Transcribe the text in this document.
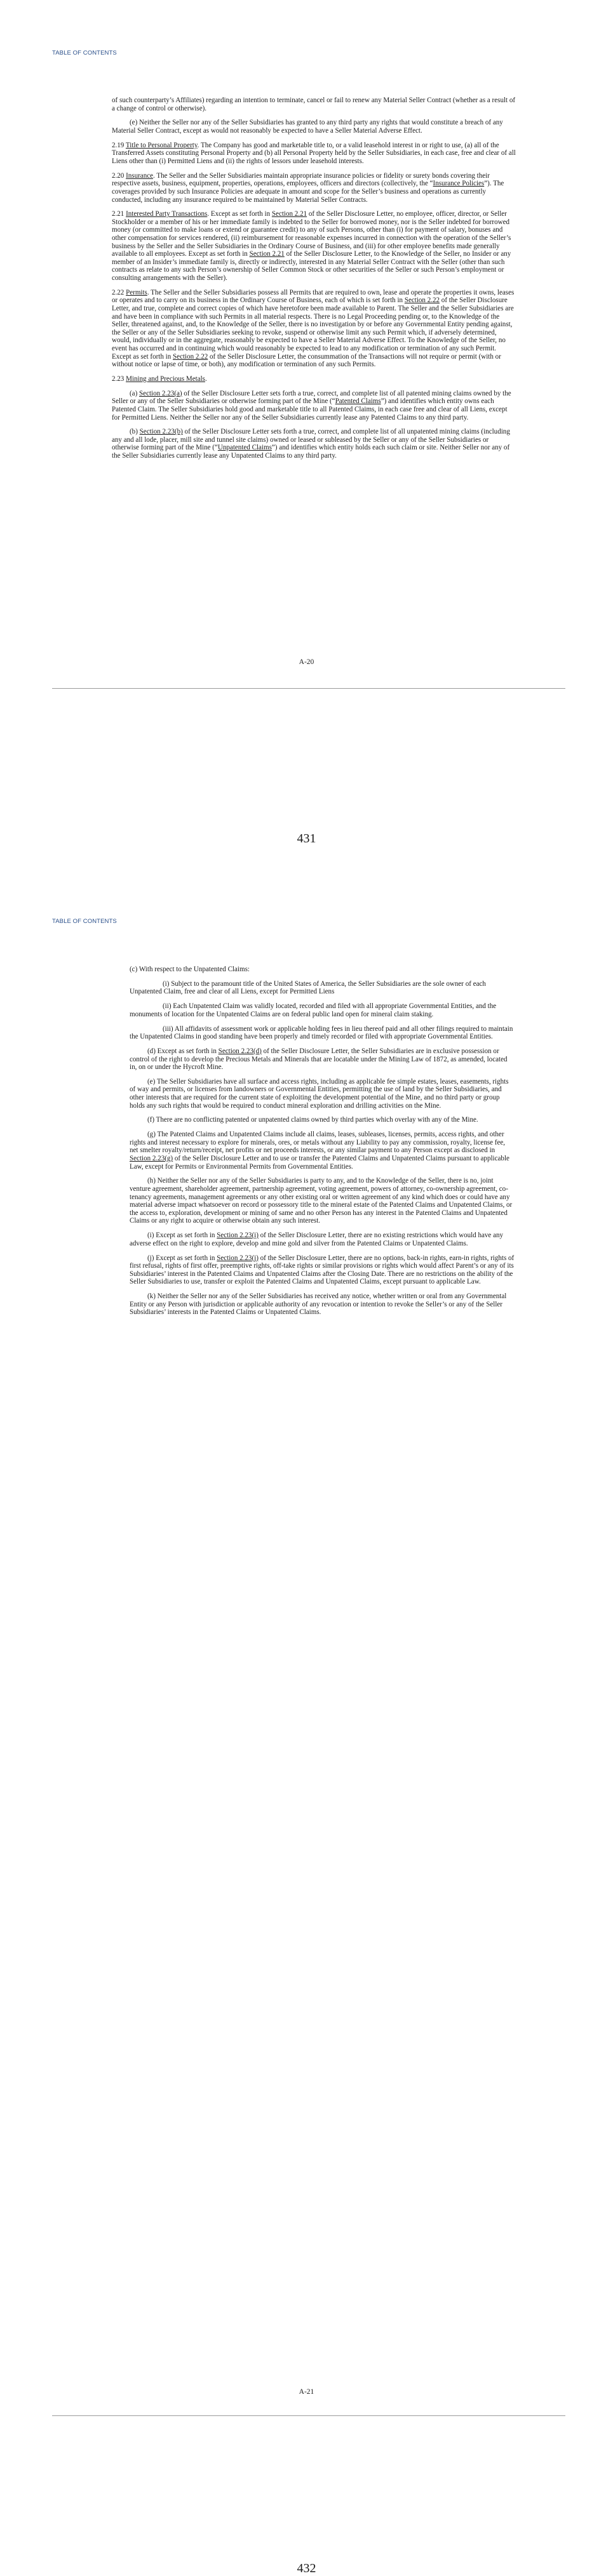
TABLE OF CONTENTS

of such counterparty’s Affiliates) regarding an intention to terminate, cancel or fail to renew any Material Seller Contract (whether as a result of a change of control or otherwise).

(e) Neither the Seller nor any of the Seller Subsidiaries has granted to any third party any rights that would constitute a breach of any Material Seller Contract, except as would not reasonably be expected to have a Seller Material Adverse Effect.

2.19 Title to Personal Property. The Company has good and marketable title to, or a valid leasehold interest in or right to use, (a) all of the Transferred Assets constituting Personal Property and (b) all Personal Property held by the Seller Subsidiaries, in each case, free and clear of all Liens other than (i) Permitted Liens and (ii) the rights of lessors under leasehold interests.

2.20 Insurance. The Seller and the Seller Subsidiaries maintain appropriate insurance policies or fidelity or surety bonds covering their respective assets, business, equipment, properties, operations, employees, officers and directors (collectively, the “Insurance Policies”). The coverages provided by such Insurance Policies are adequate in amount and scope for the Seller’s business and operations as currently conducted, including any insurance required to be maintained by Material Seller Contracts.

2.21 Interested Party Transactions. Except as set forth in Section 2.21 of the Seller Disclosure Letter, no employee, officer, director, or Seller Stockholder or a member of his or her immediate family is indebted to the Seller for borrowed money, nor is the Seller indebted for borrowed money (or committed to make loans or extend or guarantee credit) to any of such Persons, other than (i) for payment of salary, bonuses and other compensation for services rendered, (ii) reimbursement for reasonable expenses incurred in connection with the operation of the Seller’s business by the Seller and the Seller Subsidiaries in the Ordinary Course of Business, and (iii) for other employee benefits made generally available to all employees. Except as set forth in Section 2.21 of the Seller Disclosure Letter, to the Knowledge of the Seller, no Insider or any member of an Insider’s immediate family is, directly or indirectly, interested in any Material Seller Contract with the Seller (other than such contracts as relate to any such Person’s ownership of Seller Common Stock or other securities of the Seller or such Person’s employment or consulting arrangements with the Seller).

2.22 Permits. The Seller and the Seller Subsidiaries possess all Permits that are required to own, lease and operate the properties it owns, leases or operates and to carry on its business in the Ordinary Course of Business, each of which is set forth in Section 2.22 of the Seller Disclosure Letter, and true, complete and correct copies of which have heretofore been made available to Parent. The Seller and the Seller Subsidiaries are and have been in compliance with such Permits in all material respects. There is no Legal Proceeding pending or, to the Knowledge of the Seller, threatened against, and, to the Knowledge of the Seller, there is no investigation by or before any Governmental Entity pending against, the Seller or any of the Seller Subsidiaries seeking to revoke, suspend or otherwise limit any such Permit which, if adversely determined, would, individually or in the aggregate, reasonably be expected to have a Seller Material Adverse Effect. To the Knowledge of the Seller, no event has occurred and in continuing which would reasonably be expected to lead to any modification or termination of any such Permit. Except as set forth in Section 2.22 of the Seller Disclosure Letter, the consummation of the Transactions will not require or permit (with or without notice or lapse of time, or both), any modification or termination of any such Permits.

2.23 Mining and Precious Metals.

(a) Section 2.23(a) of the Seller Disclosure Letter sets forth a true, correct, and complete list of all patented mining claims owned by the Seller or any of the Seller Subsidiaries or otherwise forming part of the Mine (“Patented Claims”) and identifies which entity owns each Patented Claim. The Seller Subsidiaries hold good and marketable title to all Patented Claims, in each case free and clear of all Liens, except for Permitted Liens. Neither the Seller nor any of the Seller Subsidiaries currently lease any Patented Claims to any third party.

(b) Section 2.23(b) of the Seller Disclosure Letter sets forth a true, correct, and complete list of all unpatented mining claims (including any and all lode, placer, mill site and tunnel site claims) owned or leased or subleased by the Seller or any of the Seller Subsidiaries or otherwise forming part of the Mine (“Unpatented Claims”) and identifies which entity holds each such claim or site. Neither Seller nor any of the Seller Subsidiaries currently lease any Unpatented Claims to any third party.

A-20
431
TABLE OF CONTENTS

(c) With respect to the Unpatented Claims:

(i) Subject to the paramount title of the United States of America, the Seller Subsidiaries are the sole owner of each Unpatented Claim, free and clear of all Liens, except for Permitted Liens

(ii) Each Unpatented Claim was validly located, recorded and filed with all appropriate Governmental Entities, and the monuments of location for the Unpatented Claims are on federal public land open for mineral claim staking.

(iii) All affidavits of assessment work or applicable holding fees in lieu thereof paid and all other filings required to maintain the Unpatented Claims in good standing have been properly and timely recorded or filed with appropriate Governmental Entities.

(d) Except as set forth in Section 2.23(d) of the Seller Disclosure Letter, the Seller Subsidiaries are in exclusive possession or control of the right to develop the Precious Metals and Minerals that are locatable under the Mining Law of 1872, as amended, located in, on or under the Hycroft Mine.

(e) The Seller Subsidiaries have all surface and access rights, including as applicable fee simple estates, leases, easements, rights of way and permits, or licenses from landowners or Governmental Entities, permitting the use of land by the Seller Subsidiaries, and other interests that are required for the current state of exploiting the development potential of the Mine, and no third party or group holds any such rights that would be required to conduct mineral exploration and drilling activities on the Mine.

(f) There are no conflicting patented or unpatented claims owned by third parties which overlay with any of the Mine.

(g) The Patented Claims and Unpatented Claims include all claims, leases, subleases, licenses, permits, access rights, and other rights and interest necessary to explore for minerals, ores, or metals without any Liability to pay any commission, royalty, license fee, net smelter royalty/return/receipt, net profits or net proceeds interests, or any similar payment to any Person except as disclosed in Section 2.23(g) of the Seller Disclosure Letter and to use or transfer the Patented Claims and Unpatented Claims pursuant to applicable Law, except for Permits or Environmental Permits from Governmental Entities.

(h) Neither the Seller nor any of the Seller Subsidiaries is party to any, and to the Knowledge of the Seller, there is no, joint venture agreement, shareholder agreement, partnership agreement, voting agreement, powers of attorney, co-ownership agreement, co-tenancy agreements, management agreements or any other existing oral or written agreement of any kind which does or could have any material adverse impact whatsoever on record or possessory title to the mineral estate of the Patented Claims and Unpatented Claims, or the access to, exploration, development or mining of same and no other Person has any interest in the Patented Claims and Unpatented Claims or any right to acquire or otherwise obtain any such interest.

(i) Except as set forth in Section 2.23(i) of the Seller Disclosure Letter, there are no existing restrictions which would have any adverse effect on the right to explore, develop and mine gold and silver from the Patented Claims or Unpatented Claims.

(j) Except as set forth in Section 2.23(j) of the Seller Disclosure Letter, there are no options, back-in rights, earn-in rights, rights of first refusal, rights of first offer, preemptive rights, off-take rights or similar provisions or rights which would affect Parent’s or any of its Subsidiaries’ interest in the Patented Claims and Unpatented Claims after the Closing Date. There are no restrictions on the ability of the Seller Subsidiaries to use, transfer or exploit the Patented Claims and Unpatented Claims, except pursuant to applicable Law.

(k) Neither the Seller nor any of the Seller Subsidiaries has received any notice, whether written or oral from any Governmental Entity or any Person with jurisdiction or applicable authority of any revocation or intention to revoke the Seller’s or any of the Seller Subsidiaries’ interests in the Patented Claims or Unpatented Claims.

A-21
432
